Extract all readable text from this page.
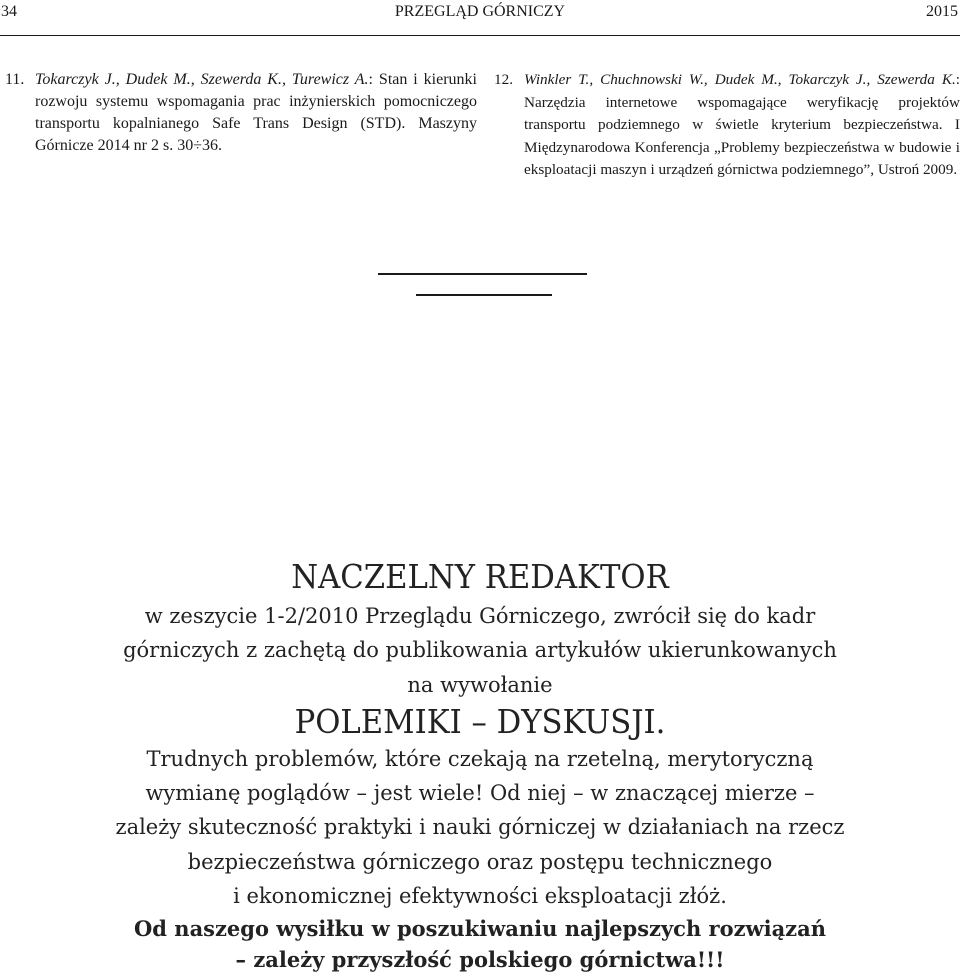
34	PRZEGLĄD GÓRNICZY	2015
11. Tokarczyk J., Dudek M., Szewerda K., Turewicz A.: Stan i kierunki rozwoju systemu wspomagania prac inżynierskich pomocniczego transportu kopalnianego Safe Trans Design (STD). Maszyny Górnicze 2014 nr 2 s. 30÷36.
12. Winkler T., Chuchnowski W., Dudek M., Tokarczyk J., Szewerda K.: Narzędzia internetowe wspomagające weryfikację projektów transportu podziemnego w świetle kryterium bezpieczeństwa. I Międzynarodowa Konferencja „Problemy bezpieczeństwa w budowie i eksploatacji maszyn i urządzeń górnictwa podziemnego”, Ustroń 2009.
NACZELNY REDAKTOR
w zeszycie 1-2/2010 Przeglądu Górniczego, zwrócił się do kadr
górniczych z zachętą do publikowania artykułów ukierunkowanych
na wywołanie
POLEMIKI – DYSKUSJI.
Trudnych problemów, które czekają na rzetelną, merytoryczną
wymianę poglądów – jest wiele! Od niej – w znaczącej mierze –
zależy skuteczność praktyki i nauki górniczej w działaniach na rzecz
bezpieczeństwa górniczego oraz postępu technicznego
i ekonomicznej efektywności eksploatacji złóż.
Od naszego wysiłku w poszukiwaniu najlepszych rozwiązań
– zależy przyszłość polskiego górnictwa!!!
